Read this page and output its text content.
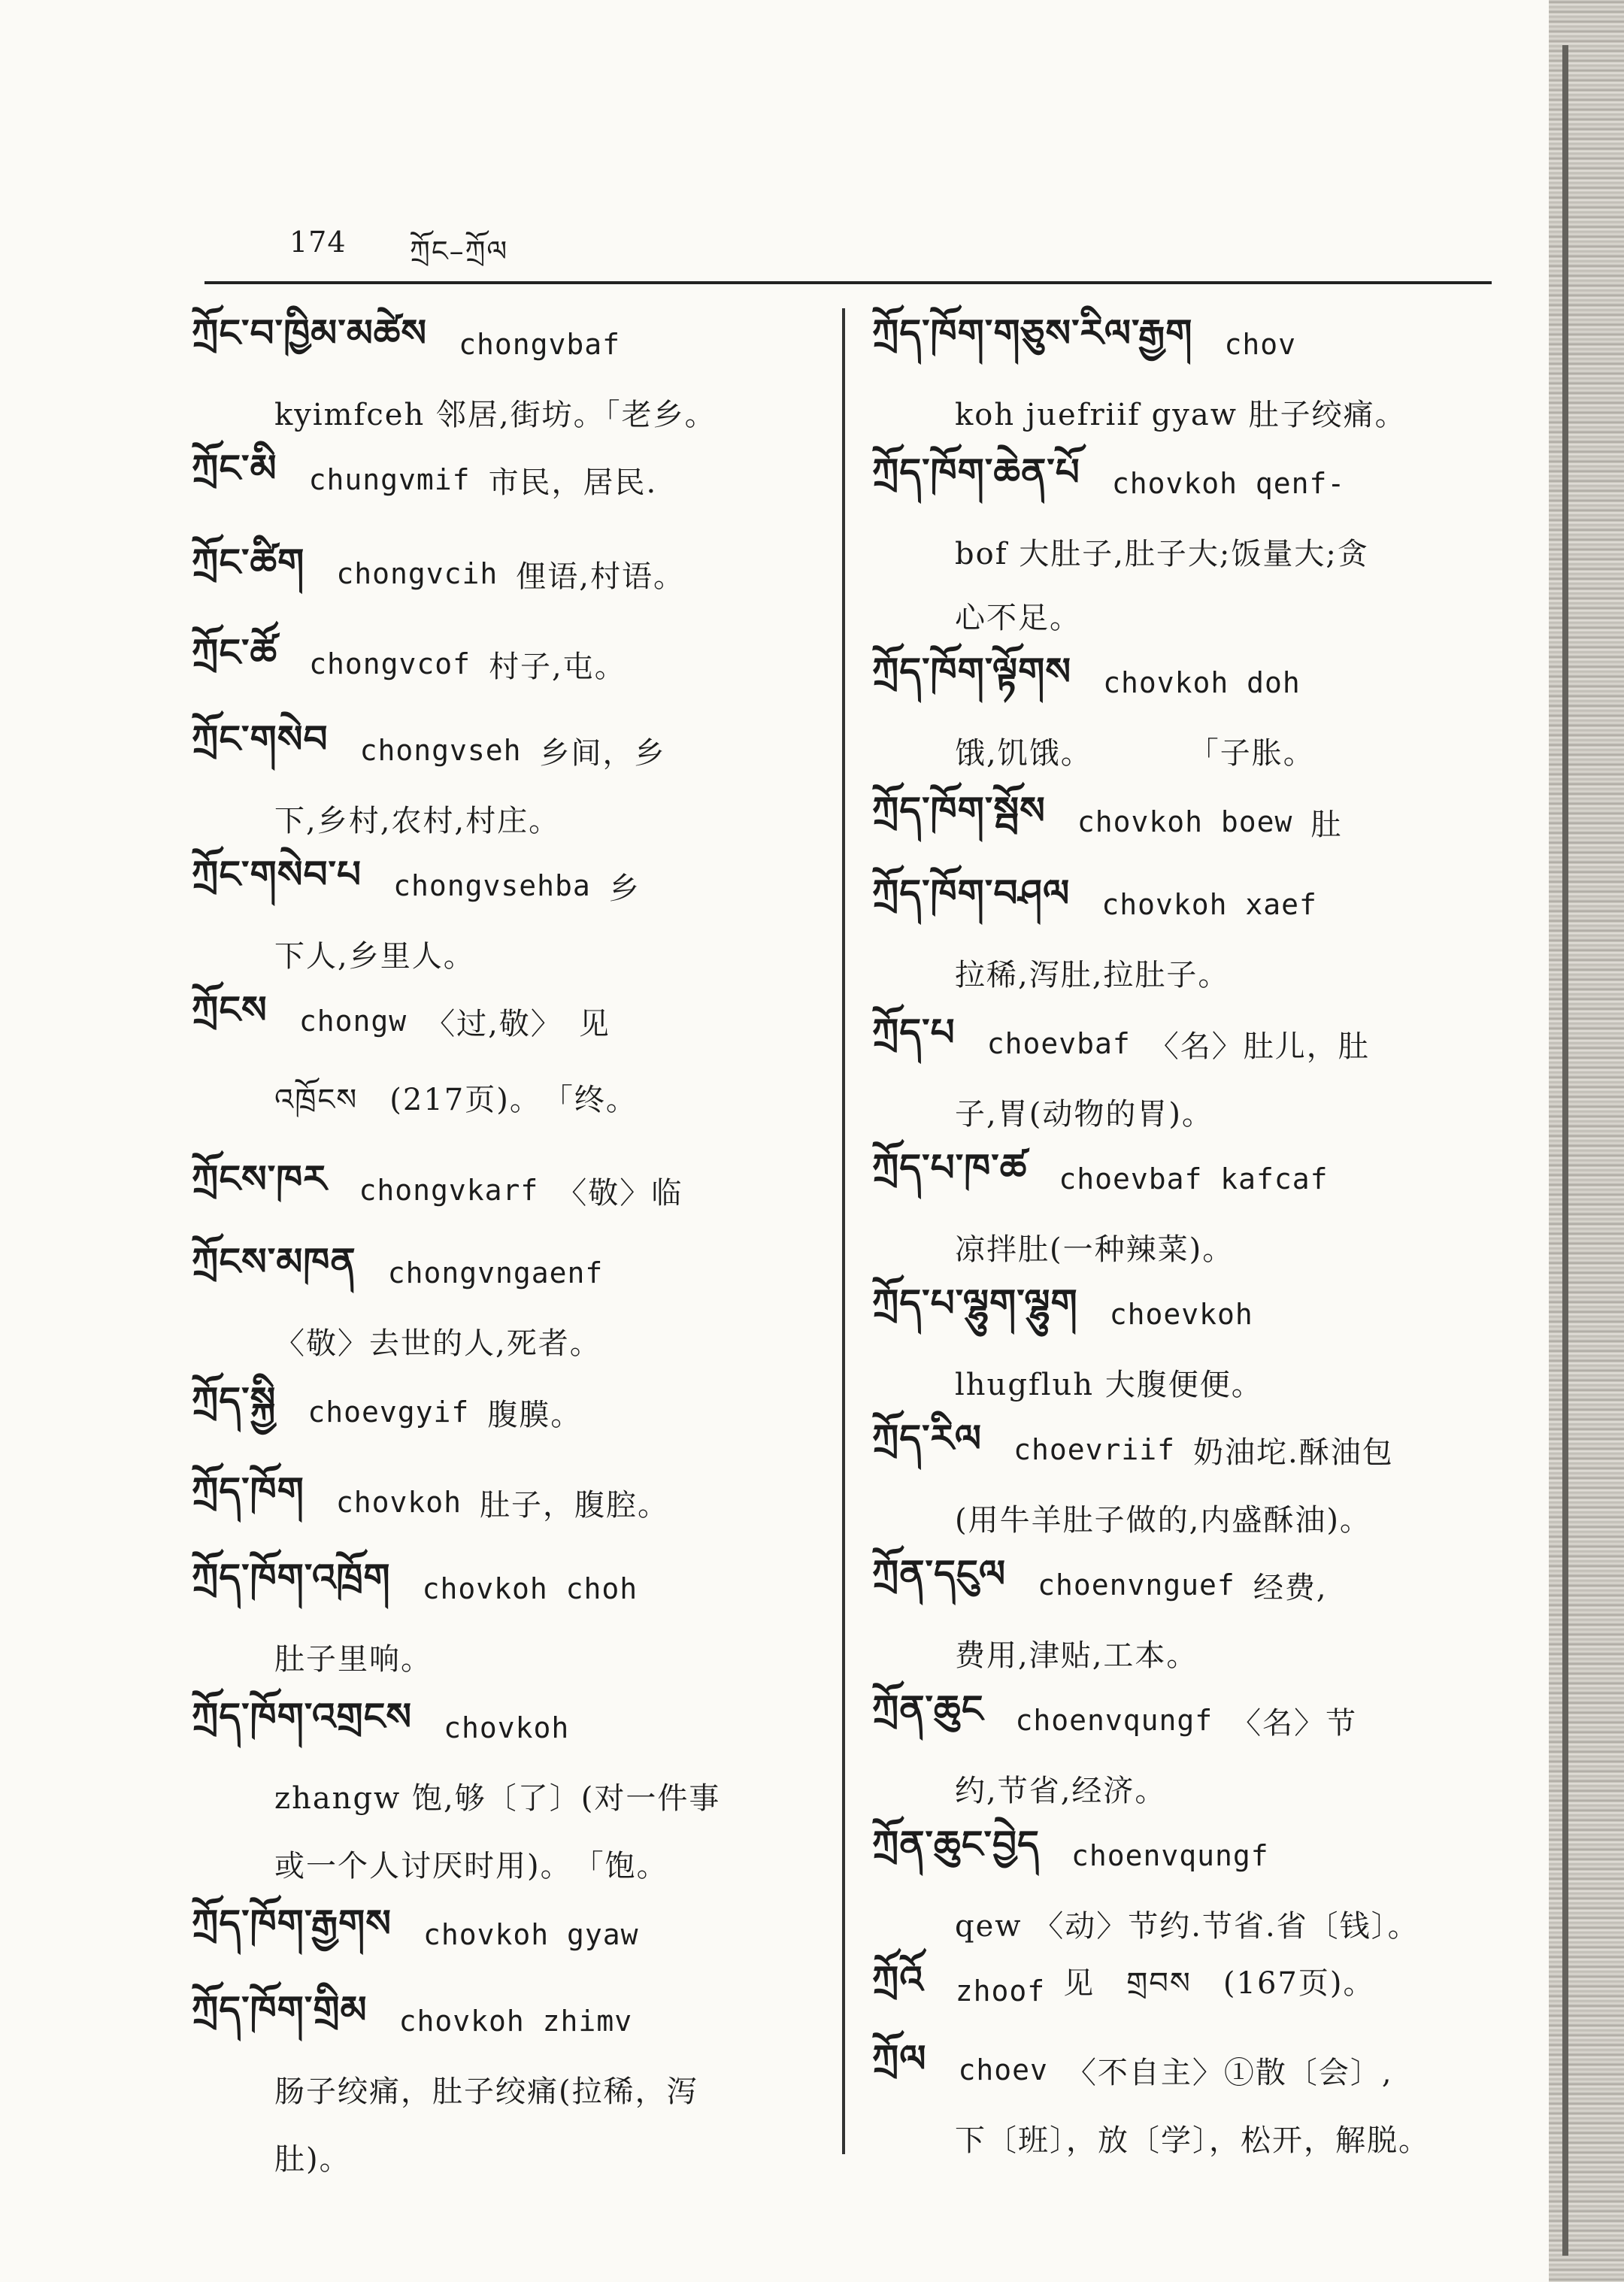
174 ཀྲོང–ཀྲོལ
ཀྲོང་བ་ཁྱིམ་མཚེས chongvbaf
kyimfceh 邻居,街坊。「老乡。
ཀྲོང་མི chungvmif 市民，居民.
ཀྲོང་ཚིག chongvcih 俚语,村语。
ཀྲོང་ཚོ chongvcof 村子,屯。
ཀྲོང་གསེབ chongvseh 乡间，乡
下,乡村,农村,村庄。
ཀྲོང་གསེབ་པ chongvsehba 乡
下人,乡里人。
ཀྲོངས chongw 〈过,敬〉　见
འཁྲོངས　(217页)。　「终。
ཀྲོངས་ཁར chongvkarf 〈敬〉临
ཀྲོངས་མཁན chongvngaenf
〈敬〉去世的人,死者。
ཀྲོད་སྐྱི choevgyif 腹膜。
ཀྲོད་ཁོག chovkoh 肚子，腹腔。
ཀྲོད་ཁོག་འཁྲོག chovkoh choh
肚子里响。
ཀྲོད་ཁོག་འགྲངས chovkoh
zhangw 饱,够〔了〕(对一件事
或一个人讨厌时用)。　「饱。
ཀྲོད་ཁོག་རྒྱགས chovkoh gyaw
ཀྲོད་ཁོག་གྲིམ chovkoh zhimv
肠子绞痛，肚子绞痛(拉稀，泻
肚)。
ཀྲོད་ཁོག་གཅུས་རིལ་རྒྱག chov
koh juefriif gyaw 肚子绞痛。
ཀྲོད་ཁོག་ཆེན་པོ chovkoh qenf-
bof 大肚子,肚子大;饭量大;贪
心不足。
ཀྲོད་ཁོག་ལྟོགས chovkoh doh
饿,饥饿。　　　　「子胀。
ཀྲོད་ཁོག་སྦོས chovkoh boew 肚
ཀྲོད་ཁོག་བཤལ chovkoh xaef
拉稀,泻肚,拉肚子。
ཀྲོད་པ choevbaf 〈名〉肚儿，肚
子,胃(动物的胃)。
ཀྲོད་པ་ཁ་ཚ choevbaf kafcaf
凉拌肚(一种辣菜)。
ཀྲོད་པ་ལྷུག་ལྷུག choevkoh
lhugfluh 大腹便便。
ཀྲོད་རིལ choevriif 奶油坨.酥油包
(用牛羊肚子做的,内盛酥油)。
ཀྲོན་དངུལ choenvnguef 经费,
费用,津贴,工本。
ཀྲོན་ཆུང choenvqungf 〈名〉节
约,节省,经济。
ཀྲོན་ཆུང་བྱེད choenvqungf
qew 〈动〉节约.节省.省〔钱〕。
ཀྲོའོ zhoof 见　གྲབས　(167页)。
ཀྲོལ choev 〈不自主〉①散〔会〕,
下〔班〕，放〔学〕，松开，解脱。
